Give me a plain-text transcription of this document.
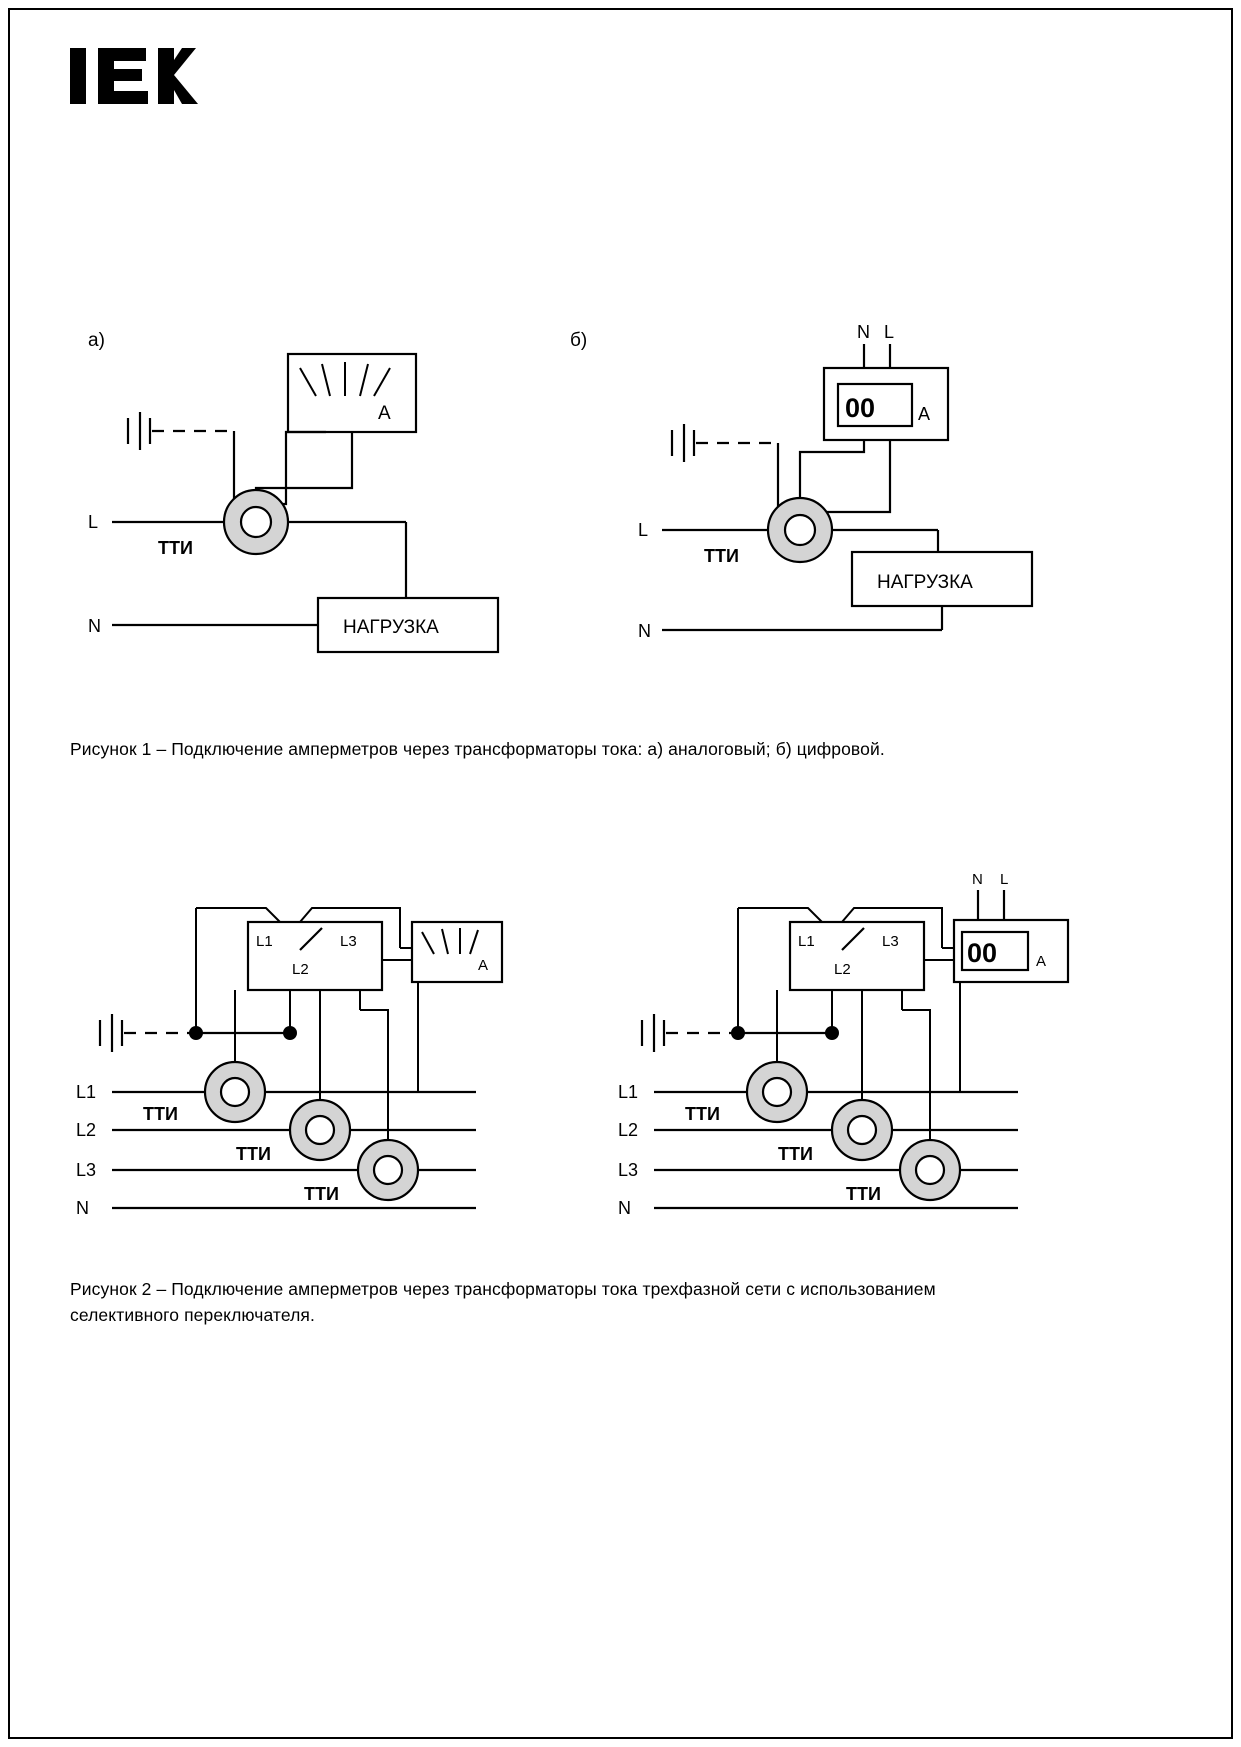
а)
A
L
ТТИ
НАГРУЗКА
N
б)	N L
00 A
L
ТТИ
НАГРУЗКА
N

Рисунок 1 – Подключение амперметров через трансформаторы тока: а) аналоговый; б) цифровой.

L1	L3
L2	A
L1
L2
L3
N
ТТИ
ТТИ
ТТИ
L1	L3
L2
N L
00	A
L1
L2
L3
N
ТТИ
ТТИ
ТТИ

Рисунок 2 – Подключение амперметров через трансформаторы тока трехфазной сети с использованием селективного переключателя.
